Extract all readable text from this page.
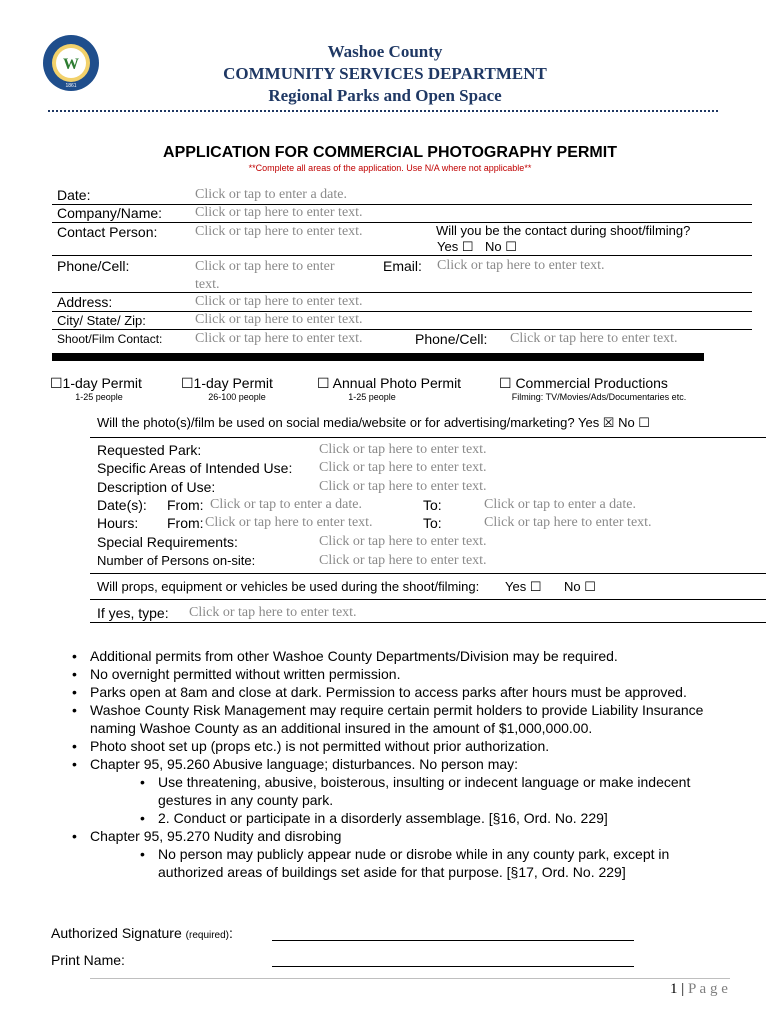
W
1861
Washoe County
COMMUNITY SERVICES DEPARTMENT
Regional Parks and Open Space
APPLICATION FOR COMMERCIAL PHOTOGRAPHY PERMIT
**Complete all areas of the application. Use N/A where not applicable**
Date:	Click or tap to enter a date.
Company/Name: Click or tap here to enter text.
Contact Person:	Click or tap here to enter text.	Will you be the contact during shoot/filming?
Yes ☐ No ☐
Phone/Cell:	Click or tap here to enter
text.
Email: Click or tap here to enter text.
Address:	Click or tap here to enter text.
City/ State/ Zip:	Click or tap here to enter text.
Shoot/Film Contact: Click or tap here to enter text.	Phone/Cell: Click or tap here to enter text.
☐1-day Permit
1-25 people
☐1-day Permit
26-100 people
☐ Annual Photo Permit
1-25 people
☐ Commercial Productions
Filming: TV/Movies/Ads/Documentaries etc.
Will the photo(s)/film be used on social media/website or for advertising/marketing? Yes ☒ No ☐
Requested Park:	Click or tap here to enter text.
Specific Areas of Intended Use: Click or tap here to enter text.
Description of Use:	Click or tap here to enter text.
Date(s): From: Click or tap to enter a date.	To:	Click or tap to enter a date.
Hours: From: Click or tap here to enter text.	To:	Click or tap here to enter text.
Special Requirements:	Click or tap here to enter text.
Number of Persons on-site:	Click or tap here to enter text.
Will props, equipment or vehicles be used during the shoot/filming: Yes ☐ No ☐
If yes, type: Click or tap here to enter text.
• Additional permits from other Washoe County Departments/Division may be required.
• No overnight permitted without written permission.
• Parks open at 8am and close at dark. Permission to access parks after hours must be approved.
• Washoe County Risk Management may require certain permit holders to provide Liability Insurance naming Washoe County as an additional insured in the amount of $1,000,000.00.
• Photo shoot set up (props etc.) is not permitted without prior authorization.
• Chapter 95, 95.260 Abusive language; disturbances. No person may:
• Use threatening, abusive, boisterous, insulting or indecent language or make indecent gestures in any county park.
• 2. Conduct or participate in a disorderly assemblage. [§16, Ord. No. 229]
• Chapter 95, 95.270 Nudity and disrobing
• No person may publicly appear nude or disrobe while in any county park, except in authorized areas of buildings set aside for that purpose. [§17, Ord. No. 229]
Authorized Signature (required):
Print Name:
1 | P a g e
